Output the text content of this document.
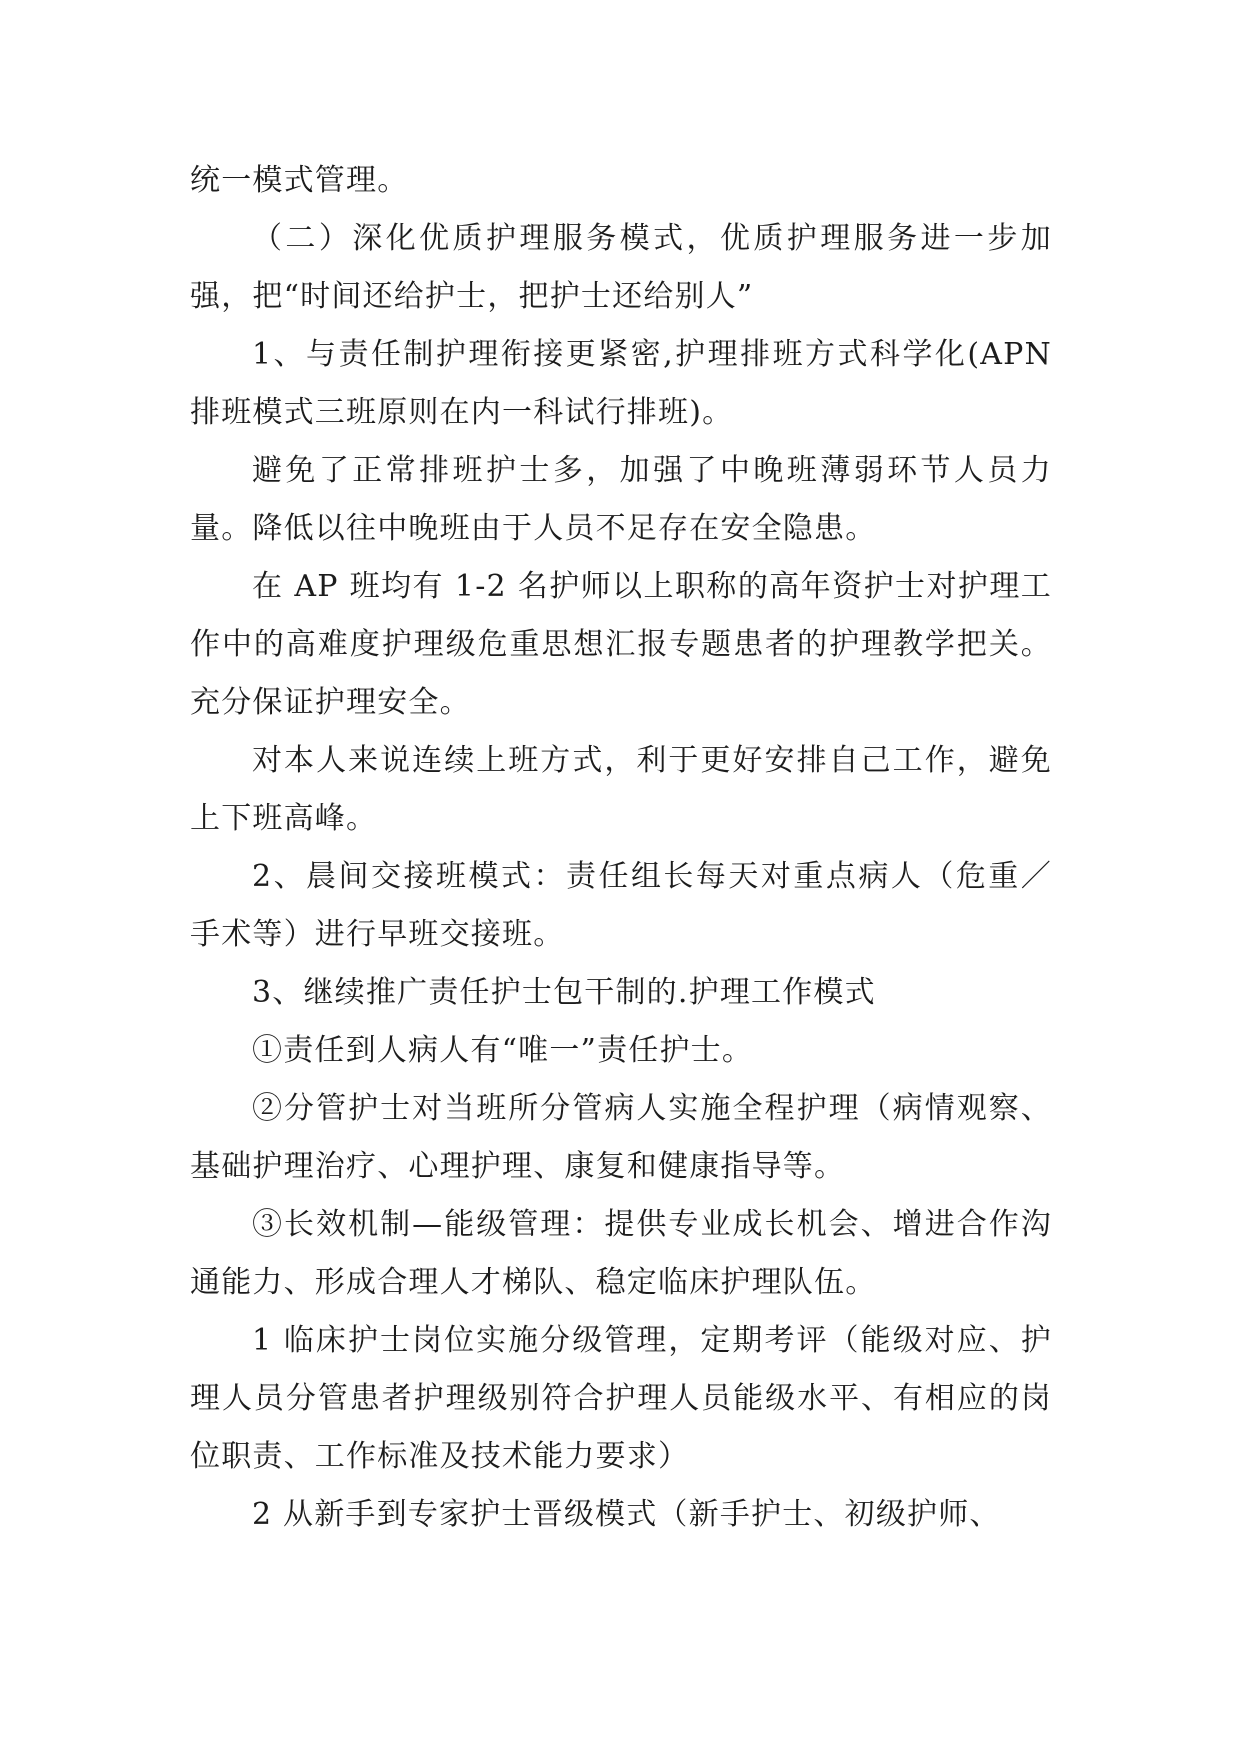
统一模式管理。

（二）深化优质护理服务模式，优质护理服务进一步加强，把“时间还给护士，把护士还给别人”

1、与责任制护理衔接更紧密,护理排班方式科学化(APN排班模式三班原则在内一科试行排班)。

避免了正常排班护士多，加强了中晚班薄弱环节人员力量。降低以往中晚班由于人员不足存在安全隐患。

在 AP 班均有 1-2 名护师以上职称的高年资护士对护理工作中的高难度护理级危重思想汇报专题患者的护理教学把关。充分保证护理安全。

对本人来说连续上班方式，利于更好安排自己工作，避免上下班高峰。

2、晨间交接班模式：责任组长每天对重点病人（危重／手术等）进行早班交接班。

3、继续推广责任护士包干制的.护理工作模式

①责任到人病人有“唯一”责任护士。

②分管护士对当班所分管病人实施全程护理（病情观察、基础护理治疗、心理护理、康复和健康指导等。

③长效机制—能级管理：提供专业成长机会、增进合作沟通能力、形成合理人才梯队、稳定临床护理队伍。

1 临床护士岗位实施分级管理，定期考评（能级对应、护理人员分管患者护理级别符合护理人员能级水平、有相应的岗位职责、工作标准及技术能力要求）

2 从新手到专家护士晋级模式（新手护士、初级护师、
